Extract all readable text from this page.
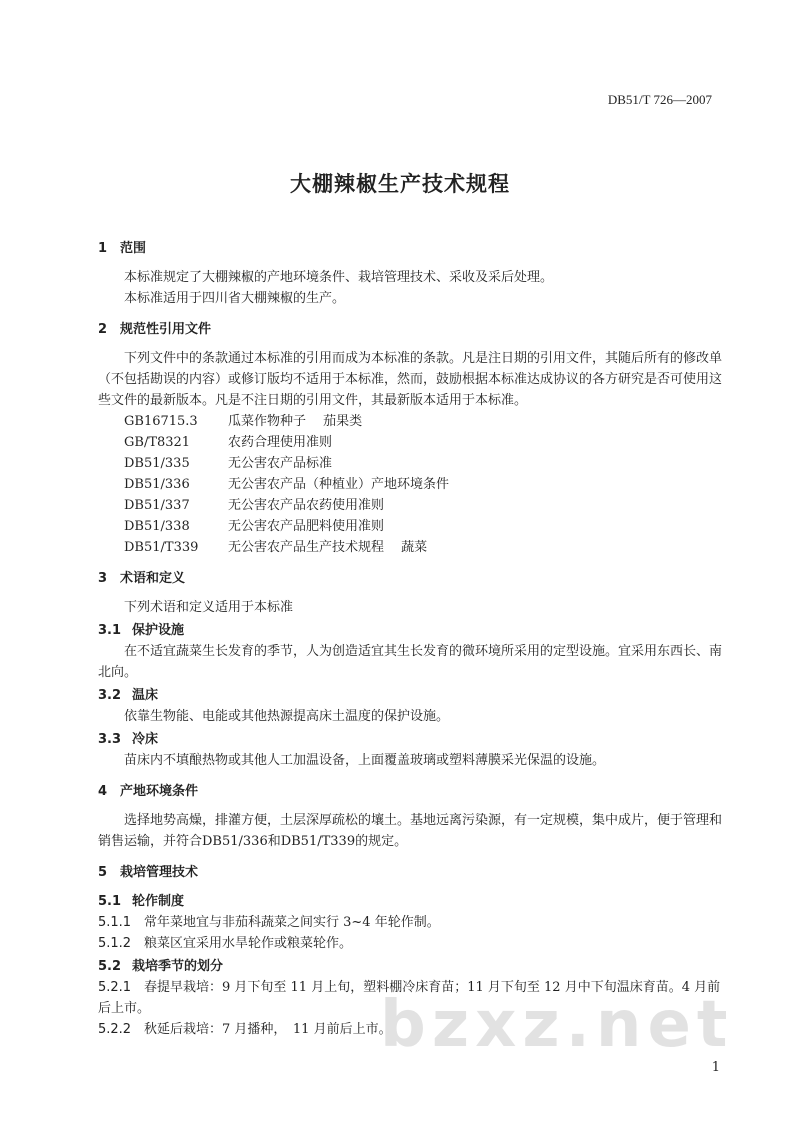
DB51/T 726—2007
大棚辣椒生产技术规程
1 范围

本标准规定了大棚辣椒的产地环境条件、栽培管理技术、采收及采后处理。

本标准适用于四川省大棚辣椒的生产。

2 规范性引用文件

下列文件中的条款通过本标准的引用而成为本标准的条款。凡是注日期的引用文件，其随后所有的修改单（不包括勘误的内容）或修订版均不适用于本标准，然而，鼓励根据本标准达成协议的各方研究是否可使用这些文件的最新版本。凡是不注日期的引用文件，其最新版本适用于本标准。

GB16715.3	瓜菜作物种子　 茄果类
GB/T8321	农药合理使用准则
DB51/335	无公害农产品标准
DB51/336	无公害农产品（种植业）产地环境条件
DB51/337	无公害农产品农药使用准则
DB51/338	无公害农产品肥料使用准则
DB51/T339	无公害农产品生产技术规程　 蔬菜
3 术语和定义

下列术语和定义适用于本标准

3.1 保护设施

在不适宜蔬菜生长发育的季节，人为创造适宜其生长发育的微环境所采用的定型设施。宜采用东西长、南北向。

3.2 温床

依靠生物能、电能或其他热源提高床土温度的保护设施。

3.3 冷床

苗床内不填酿热物或其他人工加温设备，上面覆盖玻璃或塑料薄膜采光保温的设施。

4 产地环境条件

选择地势高燥，排灌方便，土层深厚疏松的壤土。基地远离污染源，有一定规模，集中成片，便于管理和销售运输，并符合DB51/336和DB51/T339的规定。

5 栽培管理技术
5.1 轮作制度

5.1.1 常年菜地宜与非茄科蔬菜之间实行 3~4 年轮作制。

5.1.2 粮菜区宜采用水旱轮作或粮菜轮作。

5.2 栽培季节的划分

5.2.1 春提早栽培：9 月下旬至 11 月上旬，塑料棚冷床育苗；11 月下旬至 12 月中下旬温床育苗。4 月前后上市。

5.2.2 秋延后栽培：7 月播种，　11 月前后上市。

bzxz.net
1
